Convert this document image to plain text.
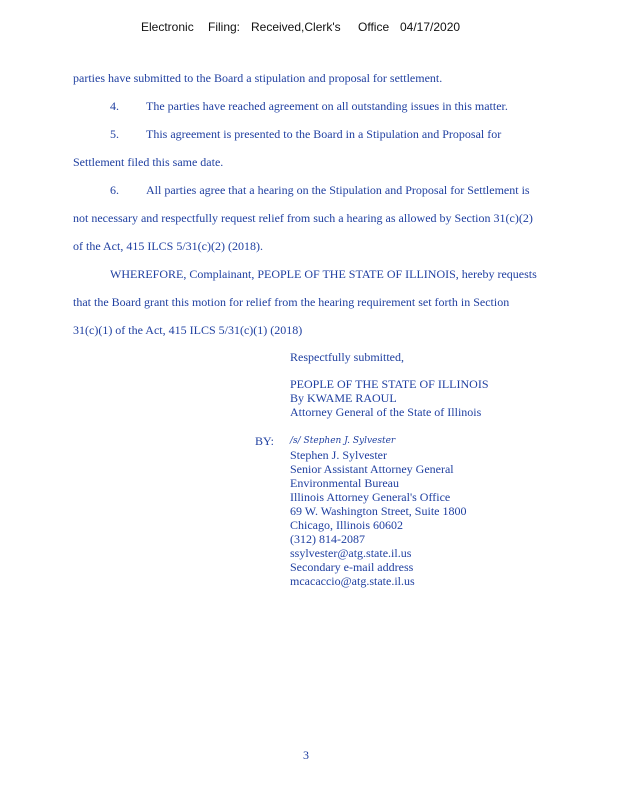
Electronic Filing: Received,Clerk's Office 04/17/2020
parties have submitted to the Board a stipulation and proposal for settlement.
4. The parties have reached agreement on all outstanding issues in this matter.
5. This agreement is presented to the Board in a Stipulation and Proposal for
Settlement filed this same date.
6. All parties agree that a hearing on the Stipulation and Proposal for Settlement is
not necessary and respectfully request relief from such a hearing as allowed by Section 31(c)(2)
of the Act, 415 ILCS 5/31(c)(2) (2018).
WHEREFORE, Complainant, PEOPLE OF THE STATE OF ILLINOIS, hereby requests
that the Board grant this motion for relief from the hearing requirement set forth in Section
31(c)(1) of the Act, 415 ILCS 5/31(c)(1) (2018)
Respectfully submitted,
PEOPLE OF THE STATE OF ILLINOIS
By KWAME RAOUL
Attorney General of the State of Illinois
BY: /s/ Stephen J. Sylvester
Stephen J. Sylvester
Senior Assistant Attorney General
Environmental Bureau
Illinois Attorney General's Office
69 W. Washington Street, Suite 1800
Chicago, Illinois 60602
(312) 814-2087
ssylvester@atg.state.il.us
Secondary e-mail address
mcacaccio@atg.state.il.us
3
